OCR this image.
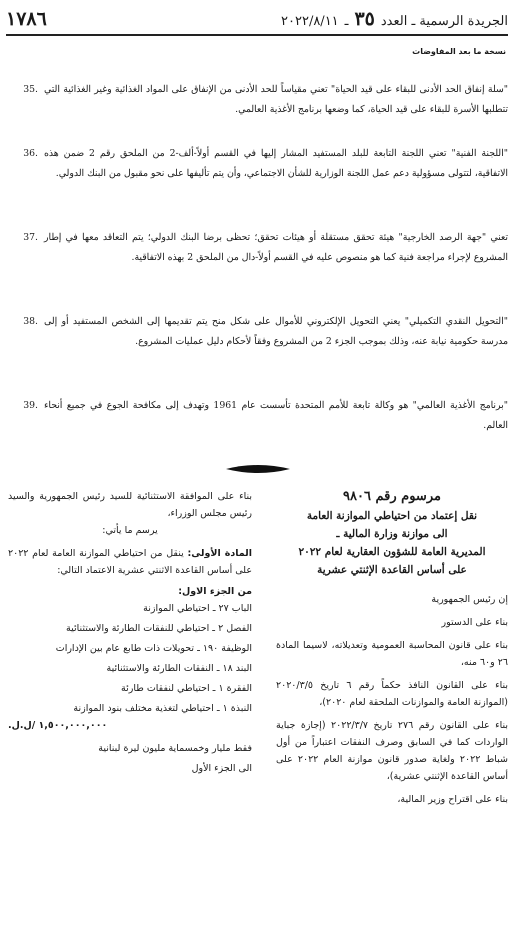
الجريدة الرسمية ـ العدد
٣٥
ـ
٢٠٢٢/٨/١١
١٧٨٦
نسخة ما بعد المفاوضات
"سلة إنفاق الحد الأدنى للبقاء على قيد الحياة" تعني مقياساً للحد الأدنى من الإنفاق على المواد الغذائية وغير الغذائية التي تتطلبها الأسرة للبقاء على قيد الحياة، كما وضعها برنامج الأغذية العالمي.
35.
"اللجنة الفنية" تعني اللجنة التابعة للبلد المستفيد المشار إليها في القسم أولاً-ألف-2 من الملحق رقم 2 ضمن هذه الاتفاقية، لتتولى مسؤولية دعم عمل اللجنة الوزارية للشأن الاجتماعي، وأن يتم تأليفها على نحو مقبول من البنك الدولي.
36.
تعني "جهة الرصد الخارجية" هيئة تحقق مستقلة أو هيئات تحقق؛ تحظى برضا البنك الدولي؛ يتم التعاقد معها في إطار المشروع لإجراء مراجعة فنية كما هو منصوص عليه في القسم أولاً-دال من الملحق 2 بهذه الاتفاقية.
37.
"التحويل النقدي التكميلي" يعني التحويل الإلكتروني للأموال على شكل منح يتم تقديمها إلى الشخص المستفيد أو إلى مدرسة حكومية نيابة عنه، وذلك بموجب الجزء 2 من المشروع وفقاً لأحكام دليل عمليات المشروع.
38.
"برنامج الأغذية العالمي" هو وكالة تابعة للأمم المتحدة تأسست عام 1961 وتهدف إلى مكافحة الجوع في جميع أنحاء العالم.
39.
مرسوم رقم ٩٨٠٦
نقل إعتماد من احتياطي الموازنة العامة
الى موازنة وزارة المالية ـ
المديرية العامة للشؤون العقارية لعام ٢٠٢٢
على أساس القاعدة الإثنتي عشرية
إن رئيس الجمهورية
بناء على الدستور
بناء على قانون المحاسبة العمومية وتعديلاته، لاسيما المادة ٢٦ و٦٠ منه،
بناء على القانون النافذ حكماً رقم ٦ تاريخ ٢٠٢٠/٣/٥ (الموازنة العامة والموازنات الملحقة لعام ٢٠٢٠)،
بناء على القانون رقم ٢٧٦ تاريخ ٢٠٢٢/٣/٧ (إجازة جباية الواردات كما في السابق وصرف النفقات اعتباراً من أول شباط ٢٠٢٢ ولغاية صدور قانون موازنة العام ٢٠٢٢ على أساس القاعدة الإثنتي عشرية)،
بناء على اقتراح وزير المالية،
بناء على الموافقة الاستثنائية للسيد رئيس الجمهورية والسيد رئيس مجلس الوزراء،
يرسم ما يأتي:
المادة الأولى: ينقل من احتياطي الموازنة العامة لعام ٢٠٢٢ على أساس القاعدة الاثنتي عشرية الاعتماد التالي:
من الجزء الاول:
الباب ٢٧ ـ احتياطي الموازنة
الفصل ٢ ـ احتياطي للنفقات الطارئة والاستثنائية
الوظيفة ١٩٠ ـ تحويلات ذات طابع عام بين الإدارات
البند ١٨ ـ النفقات الطارئة والاستثنائية
الفقرة ١ ـ احتياطي لنفقات طارئة
النبذة ١ ـ احتياطي لتغذية مختلف بنود الموازنة
١,٥٠٠,٠٠٠,٠٠٠ /ل.ل.
فقط مليار وخمسماية مليون ليرة لبنانية
الى الجزء الأول
